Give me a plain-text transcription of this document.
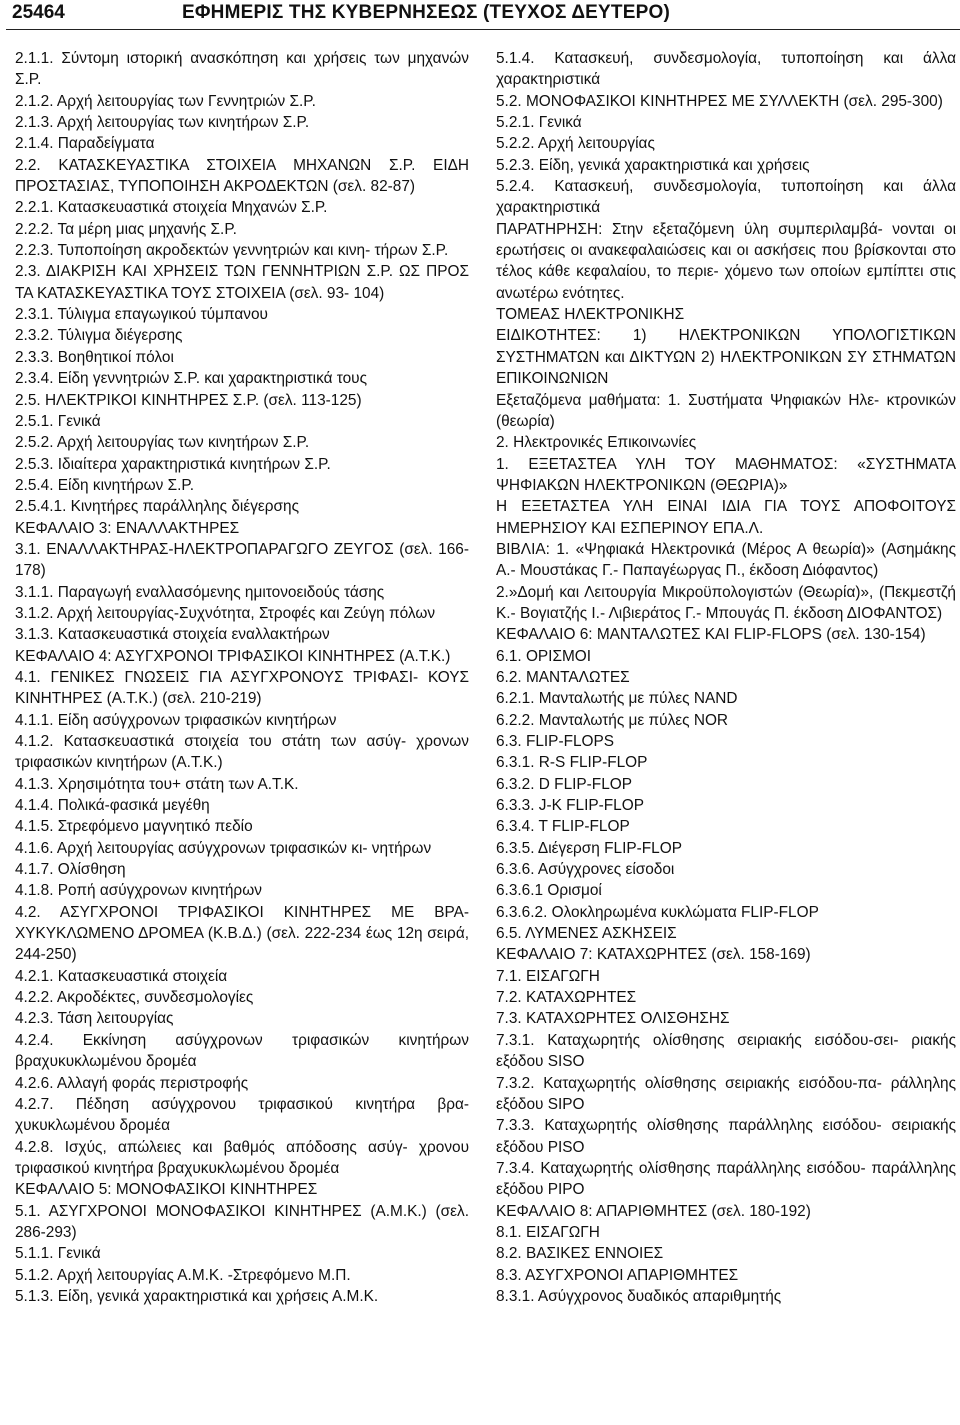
25464	ΕΦΗΜΕΡΙΣ ΤΗΣ ΚΥΒΕΡΝΗΣΕΩΣ (ΤΕΥΧΟΣ ΔΕΥΤΕΡΟ)

2.1.1. Σύντομη ιστορική ανασκόπηση και χρήσεις των μηχανών Σ.Ρ.

2.1.2. Αρχή λειτουργίας των Γεννητριών Σ.Ρ.

2.1.3. Αρχή λειτουργίας των κινητήρων Σ.Ρ.

2.1.4. Παραδείγματα

2.2. ΚΑΤΑΣΚΕΥΑΣΤΙΚΑ ΣΤΟΙΧΕΙΑ ΜΗΧΑΝΩΝ Σ.Ρ. ΕΙΔΗ ΠΡΟΣΤΑΣΙΑΣ, ΤΥΠΟΠΟΙΗΣΗ ΑΚΡΟΔΕΚΤΩΝ (σελ. 82-87)

2.2.1. Κατασκευαστικά στοιχεία Μηχανών Σ.Ρ.

2.2.2. Τα μέρη μιας μηχανής Σ.Ρ.

2.2.3. Τυποποίηση ακροδεκτών γεννητριών και κινη- τήρων Σ.Ρ.

2.3. ΔΙΑΚΡΙΣΗ ΚΑΙ ΧΡΗΣΕΙΣ ΤΩΝ ΓΕΝΝΗΤΡΙΩΝ Σ.Ρ. ΩΣ ΠΡΟΣ ΤΑ ΚΑΤΑΣΚΕΥΑΣΤΙΚΑ ΤΟΥΣ ΣΤΟΙΧΕΙΑ (σελ. 93- 104)

2.3.1. Τύλιγμα επαγωγικού τύμπανου

2.3.2. Τύλιγμα διέγερσης

2.3.3. Βοηθητικοί πόλοι

2.3.4. Είδη γεννητριών Σ.Ρ. και χαρακτηριστικά τους

2.5. ΗΛΕΚΤΡΙΚΟΙ ΚΙΝΗΤΗΡΕΣ Σ.Ρ. (σελ. 113-125)

2.5.1. Γενικά

2.5.2. Αρχή λειτουργίας των κινητήρων Σ.Ρ.

2.5.3. Ιδιαίτερα χαρακτηριστικά κινητήρων Σ.Ρ.

2.5.4. Είδη κινητήρων Σ.Ρ.

2.5.4.1. Κινητήρες παράλληλης διέγερσης

ΚΕΦΑΛΑΙΟ 3: ΕΝΑΛΛΑΚΤΗΡΕΣ

3.1. ΕΝΑΛΛΑΚΤΗΡΑΣ-ΗΛΕΚΤΡΟΠΑΡΑΓΩΓΟ ΖΕΥΓΟΣ (σελ. 166-178)

3.1.1. Παραγωγή εναλλασόμενης ημιτονοειδούς τάσης

3.1.2. Αρχή λειτουργίας-Συχνότητα, Στροφές και Ζεύγη πόλων

3.1.3. Κατασκευαστικά στοιχεία εναλλακτήρων

ΚΕΦΑΛΑΙΟ 4: ΑΣΥΓΧΡΟΝΟΙ ΤΡΙΦΑΣΙΚΟΙ ΚΙΝΗΤΗΡΕΣ (Α.Τ.Κ.)

4.1. ΓΕΝΙΚΕΣ ΓΝΩΣΕΙΣ ΓΙΑ ΑΣΥΓΧΡΟΝΟΥΣ ΤΡΙΦΑΣΙ- ΚΟΥΣ ΚΙΝΗΤΗΡΕΣ (Α.Τ.Κ.) (σελ. 210-219)

4.1.1. Είδη ασύγχρονων τριφασικών κινητήρων

4.1.2. Κατασκευαστικά στοιχεία του στάτη των ασύγ- χρονων τριφασικών κινητήρων (Α.Τ.Κ.)

4.1.3. Χρησιμότητα του+ στάτη των Α.Τ.Κ.

4.1.4. Πολικά-φασικά μεγέθη

4.1.5. Στρεφόμενο μαγνητικό πεδίο

4.1.6. Αρχή λειτουργίας ασύγχρονων τριφασικών κι- νητήρων

4.1.7. Ολίσθηση

4.1.8. Ροπή ασύγχρονων κινητήρων

4.2. ΑΣΥΓΧΡΟΝΟΙ ΤΡΙΦΑΣΙΚΟΙ ΚΙΝΗΤΗΡΕΣ ΜΕ ΒΡΑ- ΧΥΚΥΚΛΩΜΕΝΟ ΔΡΟΜΕΑ (Κ.Β.Δ.) (σελ. 222-234 έως 12η σειρά, 244-250)

4.2.1. Κατασκευαστικά στοιχεία

4.2.2. Ακροδέκτες, συνδεσμολογίες

4.2.3. Τάση λειτουργίας

4.2.4. Εκκίνηση ασύγχρονων τριφασικών κινητήρων βραχυκυκλωμένου δρομέα

4.2.6. Αλλαγή φοράς περιστροφής

4.2.7. Πέδηση ασύγχρονου τριφασικού κινητήρα βρα- χυκυκλωμένου δρομέα

4.2.8. Ισχύς, απώλειες και βαθμός απόδοσης ασύγ- χρονου τριφασικού κινητήρα βραχυκυκλωμένου δρομέα

ΚΕΦΑΛΑΙΟ 5: ΜΟΝΟΦΑΣΙΚΟΙ ΚΙΝΗΤΗΡΕΣ

5.1. ΑΣΥΓΧΡΟΝΟΙ ΜΟΝΟΦΑΣΙΚΟΙ ΚΙΝΗΤΗΡΕΣ (Α.Μ.Κ.) (σελ. 286-293)

5.1.1. Γενικά

5.1.2. Αρχή λειτουργίας Α.Μ.Κ. -Στρεφόμενο Μ.Π.

5.1.3. Είδη, γενικά χαρακτηριστικά και χρήσεις Α.Μ.Κ.

5.1.4. Κατασκευή, συνδεσμολογία, τυποποίηση και άλλα χαρακτηριστικά

5.2. ΜΟΝΟΦΑΣΙΚΟΙ ΚΙΝΗΤΗΡΕΣ ΜΕ ΣΥΛΛΕΚΤΗ (σελ. 295-300)

5.2.1. Γενικά

5.2.2. Αρχή λειτουργίας

5.2.3. Είδη, γενικά χαρακτηριστικά και χρήσεις

5.2.4. Κατασκευή, συνδεσμολογία, τυποποίηση και άλλα χαρακτηριστικά

ΠΑΡΑΤΗΡΗΣΗ: Στην εξεταζόμενη ύλη συμπεριλαμβά- νονται οι ερωτήσεις οι ανακεφαλαιώσεις και οι ασκήσεις που βρίσκονται στο τέλος κάθε κεφαλαίου, το περιε- χόμενο των οποίων εμπίπτει στις ανωτέρω ενότητες.

ΤΟΜΕΑΣ ΗΛΕΚΤΡΟΝΙΚΗΣ

ΕΙΔΙΚΟΤΗΤΕΣ: 1) ΗΛΕΚΤΡΟΝΙΚΩΝ ΥΠΟΛΟΓΙΣΤΙΚΩΝ ΣΥΣΤΗΜΑΤΩΝ και ΔΙΚΤΥΩΝ 2) ΗΛΕΚΤΡΟΝΙΚΩΝ ΣΥ ΣΤΗΜΑΤΩΝ ΕΠΙΚΟΙΝΩΝΙΩΝ

Εξεταζόμενα μαθήματα: 1. Συστήματα Ψηφιακών Ηλε- κτρονικών (θεωρία)

2. Ηλεκτρονικές Επικοινωνίες

1. ΕΞΕΤΑΣΤΕΑ ΥΛΗ ΤΟΥ ΜΑΘΗΜΑΤΟΣ: «ΣΥΣΤΗΜΑΤΑ ΨΗΦΙΑΚΩΝ ΗΛΕΚΤΡΟΝΙΚΩΝ (ΘΕΩΡΙΑ)»

Η ΕΞΕΤΑΣΤΕΑ ΥΛΗ ΕΙΝΑΙ ΙΔΙΑ ΓΙΑ ΤΟΥΣ ΑΠΟΦΟΙΤΟΥΣ ΗΜΕΡΗΣΙΟΥ ΚΑΙ ΕΣΠΕΡΙΝΟΥ ΕΠΑ.Λ.

ΒΙΒΛΙΑ: 1. «Ψηφιακά Ηλεκτρονικά (Μέρος Α θεωρία)» (Ασημάκης Α.- Μουστάκας Γ.- Παπαγέωργας Π., έκδοση Διόφαντος)

2.»Δομή και Λειτουργία Μικροϋπολογιστών (Θεωρία)», (Πεκμεστζή Κ.- Βογιατζής Ι.- Λιβιεράτος Γ.- Μπουγάς Π. έκδοση ΔΙΟΦΑΝΤΟΣ)

ΚΕΦΑΛΑΙΟ 6: ΜΑΝΤΑΛΩΤΕΣ ΚΑΙ FLIP-FLOPS (σελ. 130-154)

6.1. ΟΡΙΣΜΟΙ

6.2. ΜΑΝΤΑΛΩΤΕΣ

6.2.1. Μανταλωτής με πύλες NAND

6.2.2. Μανταλωτής με πύλες NOR

6.3. FLIP-FLOPS

6.3.1. R-S FLIP-FLOP

6.3.2. D FLIP-FLOP

6.3.3. J-K FLIP-FLOP

6.3.4. T FLIP-FLOP

6.3.5. Διέγερση FLIP-FLOP

6.3.6. Ασύγχρονες είσοδοι

6.3.6.1 Ορισμοί

6.3.6.2. Ολοκληρωμένα κυκλώματα FLIP-FLOP

6.5. ΛΥΜΕΝΕΣ ΑΣΚΗΣΕΙΣ

ΚΕΦΑΛΑΙΟ 7: ΚΑΤΑΧΩΡΗΤΕΣ (σελ. 158-169)

7.1. ΕΙΣΑΓΩΓΗ

7.2. ΚΑΤΑΧΩΡΗΤΕΣ

7.3. ΚΑΤΑΧΩΡΗΤΕΣ ΟΛΙΣΘΗΣΗΣ

7.3.1. Καταχωρητής ολίσθησης σειριακής εισόδου-σει- ριακής εξόδου SISO

7.3.2. Καταχωρητής ολίσθησης σειριακής εισόδου-πα- ράλληλης εξόδου SIPO

7.3.3. Καταχωρητής ολίσθησης παράλληλης εισόδου- σειριακής εξόδου PISO

7.3.4. Καταχωρητής ολίσθησης παράλληλης εισόδου- παράλληλης εξόδου PIPO

ΚΕΦΑΛΑΙΟ 8: ΑΠΑΡΙΘΜΗΤΕΣ (σελ. 180-192)

8.1. ΕΙΣΑΓΩΓΗ

8.2. ΒΑΣΙΚΕΣ ΕΝΝΟΙΕΣ

8.3. ΑΣΥΓΧΡΟΝΟΙ ΑΠΑΡΙΘΜΗΤΕΣ

8.3.1. Ασύγχρονος δυαδικός απαριθμητής
